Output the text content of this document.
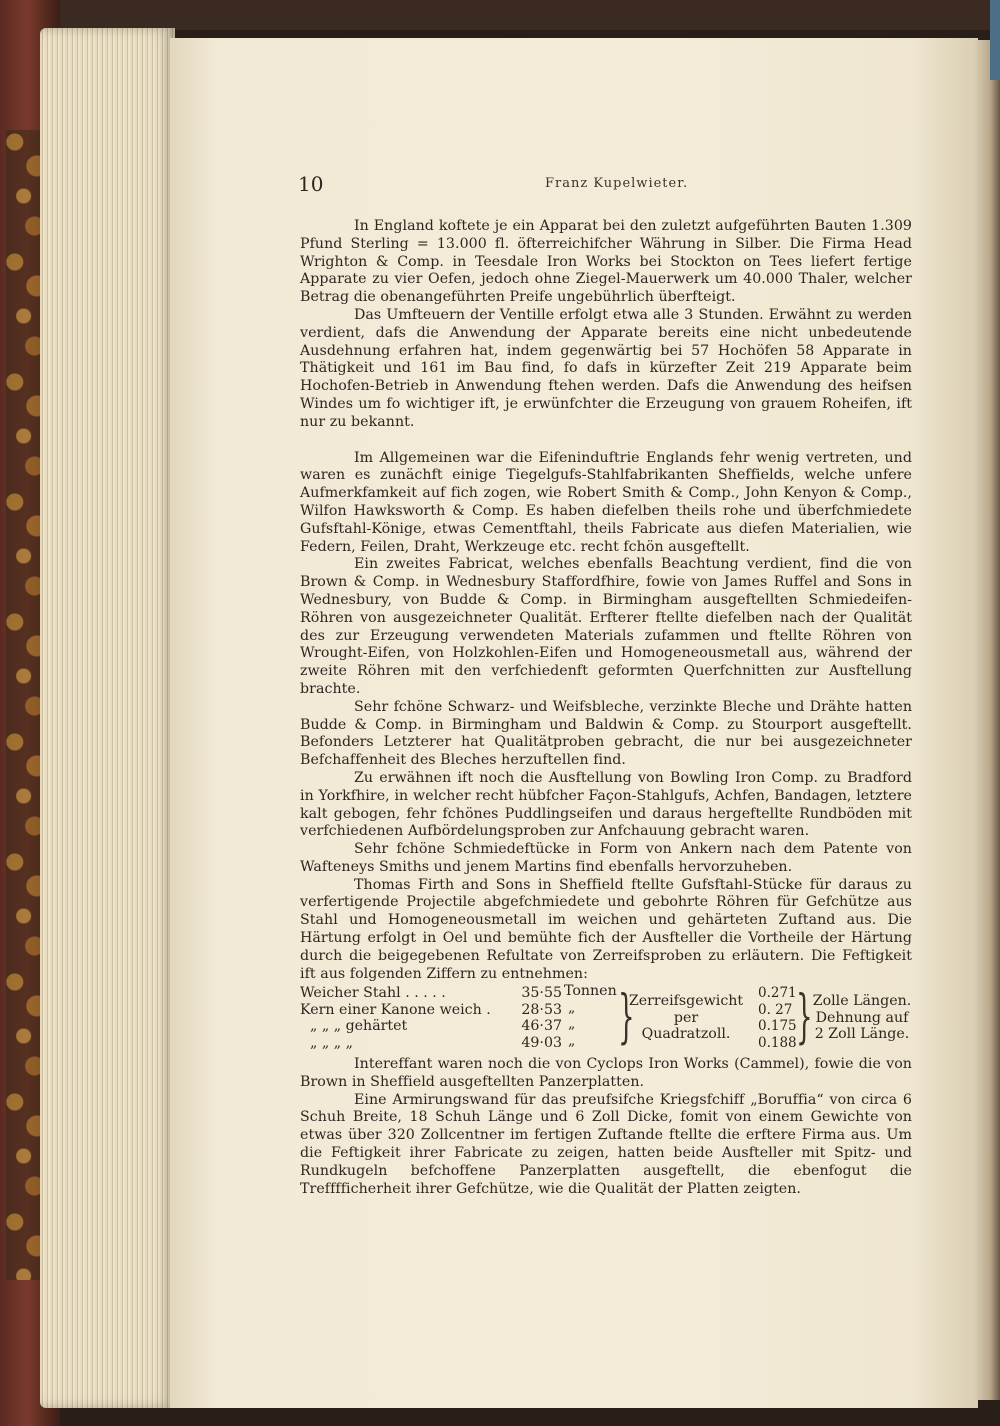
10	Franz Kupelwieter.

In England koftete je ein Apparat bei den zuletzt aufgeführten Bauten 1.309 Pfund Sterling = 13.000 fl. öfterreichifcher Währung in Silber. Die Firma Head Wrighton & Comp. in Teesdale Iron Works bei Stockton on Tees liefert fertige Apparate zu vier Oefen, jedoch ohne Ziegel-Mauerwerk um 40.000 Thaler, welcher Betrag die obenangeführten Preife ungebührlich überfteigt.

Das Umfteuern der Ventille erfolgt etwa alle 3 Stunden. Erwähnt zu werden verdient, dafs die Anwendung der Apparate bereits eine nicht unbedeutende Ausdehnung erfahren hat, indem gegenwärtig bei 57 Hochöfen 58 Apparate in Thätigkeit und 161 im Bau find, fo dafs in kürzefter Zeit 219 Apparate beim Hochofen-Betrieb in Anwendung ftehen werden. Dafs die Anwendung des heifsen Windes um fo wichtiger ift, je erwünfchter die Erzeugung von grauem Roheifen, ift nur zu bekannt.

Im Allgemeinen war die Eifeninduftrie Englands fehr wenig vertreten, und waren es zunächft einige Tiegelgufs-Stahlfabrikanten Sheffields, welche unfere Aufmerkfamkeit auf fich zogen, wie Robert Smith & Comp., John Kenyon & Comp., Wilfon Hawksworth & Comp. Es haben diefelben theils rohe und überfchmiedete Gufsftahl-Könige, etwas Cementftahl, theils Fabricate aus diefen Materialien, wie Federn, Feilen, Draht, Werkzeuge etc. recht fchön ausgeftellt.

Ein zweites Fabricat, welches ebenfalls Beachtung verdient, find die von Brown & Comp. in Wednesbury Staffordfhire, fowie von James Ruffel and Sons in Wednesbury, von Budde & Comp. in Birmingham ausgeftellten Schmiedeifen-Röhren von ausgezeichneter Qualität. Erfterer ftellte diefelben nach der Qualität des zur Erzeugung verwendeten Materials zufammen und ftellte Röhren von Wrought-Eifen, von Holzkohlen-Eifen und Homogeneousmetall aus, während der zweite Röhren mit den verfchiedenft geformten Querfchnitten zur Ausftellung brachte.

Sehr fchöne Schwarz- und Weifsbleche, verzinkte Bleche und Drähte hatten Budde & Comp. in Birmingham und Baldwin & Comp. zu Stourport ausgeftellt. Befonders Letzterer hat Qualitätproben gebracht, die nur bei ausgezeichneter Befchaffenheit des Bleches herzuftellen find.

Zu erwähnen ift noch die Ausftellung von Bowling Iron Comp. zu Bradford in Yorkfhire, in welcher recht hübfcher Façon-Stahlgufs, Achfen, Bandagen, letztere kalt gebogen, fehr fchönes Puddlingseifen und daraus hergeftellte Rundböden mit verfchiedenen Aufbördelungsproben zur Anfchauung gebracht waren.

Sehr fchöne Schmiedeftücke in Form von Ankern nach dem Patente von Wafteneys Smiths und jenem Martins find ebenfalls hervorzuheben.

Thomas Firth and Sons in Sheffield ftellte Gufsftahl-Stücke für daraus zu verfertigende Projectile abgefchmiedete und gebohrte Röhren für Gefchütze aus Stahl und Homogeneousmetall im weichen und gehärteten Zuftand aus. Die Härtung erfolgt in Oel und bemühte fich der Ausfteller die Vortheile der Härtung durch die beigegebenen Refultate von Zerreifsproben zu erläutern. Die Feftigkeit ift aus folgenden Ziffern zu entnehmen:

Weicher Stahl . . . . .
Kern einer Kanone weich .
„ „ „ gehärtet
„ „ „ „
35·55
28·53
46·37
49·03
Tonnen
„
„
„ }
Zerreifsgewicht
per
Quadratzoll.
0.271
0. 27
0.175
0.188 } Zolle Längen.
Dehnung auf
2 Zoll Länge.

Intereffant waren noch die von Cyclops Iron Works (Cammel), fowie die von Brown in Sheffield ausgeftellten Panzerplatten.

Eine Armirungswand für das preufsifche Kriegsfchiff „Boruffia“ von circa 6 Schuh Breite, 18 Schuh Länge und 6 Zoll Dicke, fomit von einem Gewichte von etwas über 320 Zollcentner im fertigen Zuftande ftellte die erftere Firma aus. Um die Feftigkeit ihrer Fabricate zu zeigen, hatten beide Ausfteller mit Spitz- und Rundkugeln befchoffene Panzerplatten ausgeftellt, die ebenfogut die Trefffficherheit ihrer Gefchütze, wie die Qualität der Platten zeigten.
